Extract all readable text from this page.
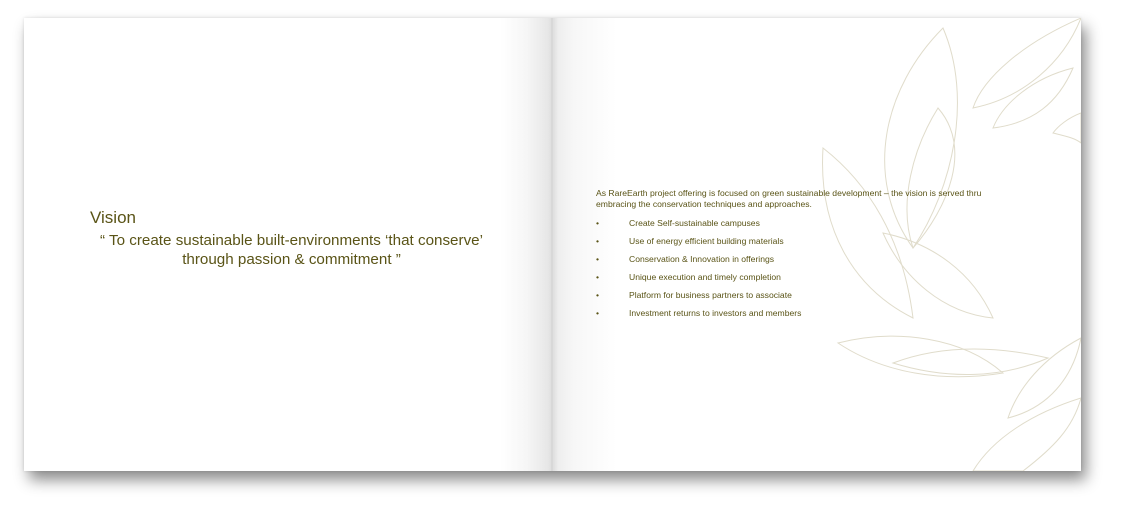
Vision

“ To create sustainable built-environments ‘that conserve’ through passion & commitment ”

As RareEarth project offering is focused on green sustainable development – the vision is served thru embracing the conservation techniques and approaches.

•	Create Self-sustainable campuses
•	Use of energy efficient building materials
•	Conservation & Innovation in offerings
•	Unique execution and timely completion
•	Platform for business partners to associate
•	Investment returns to investors and members
